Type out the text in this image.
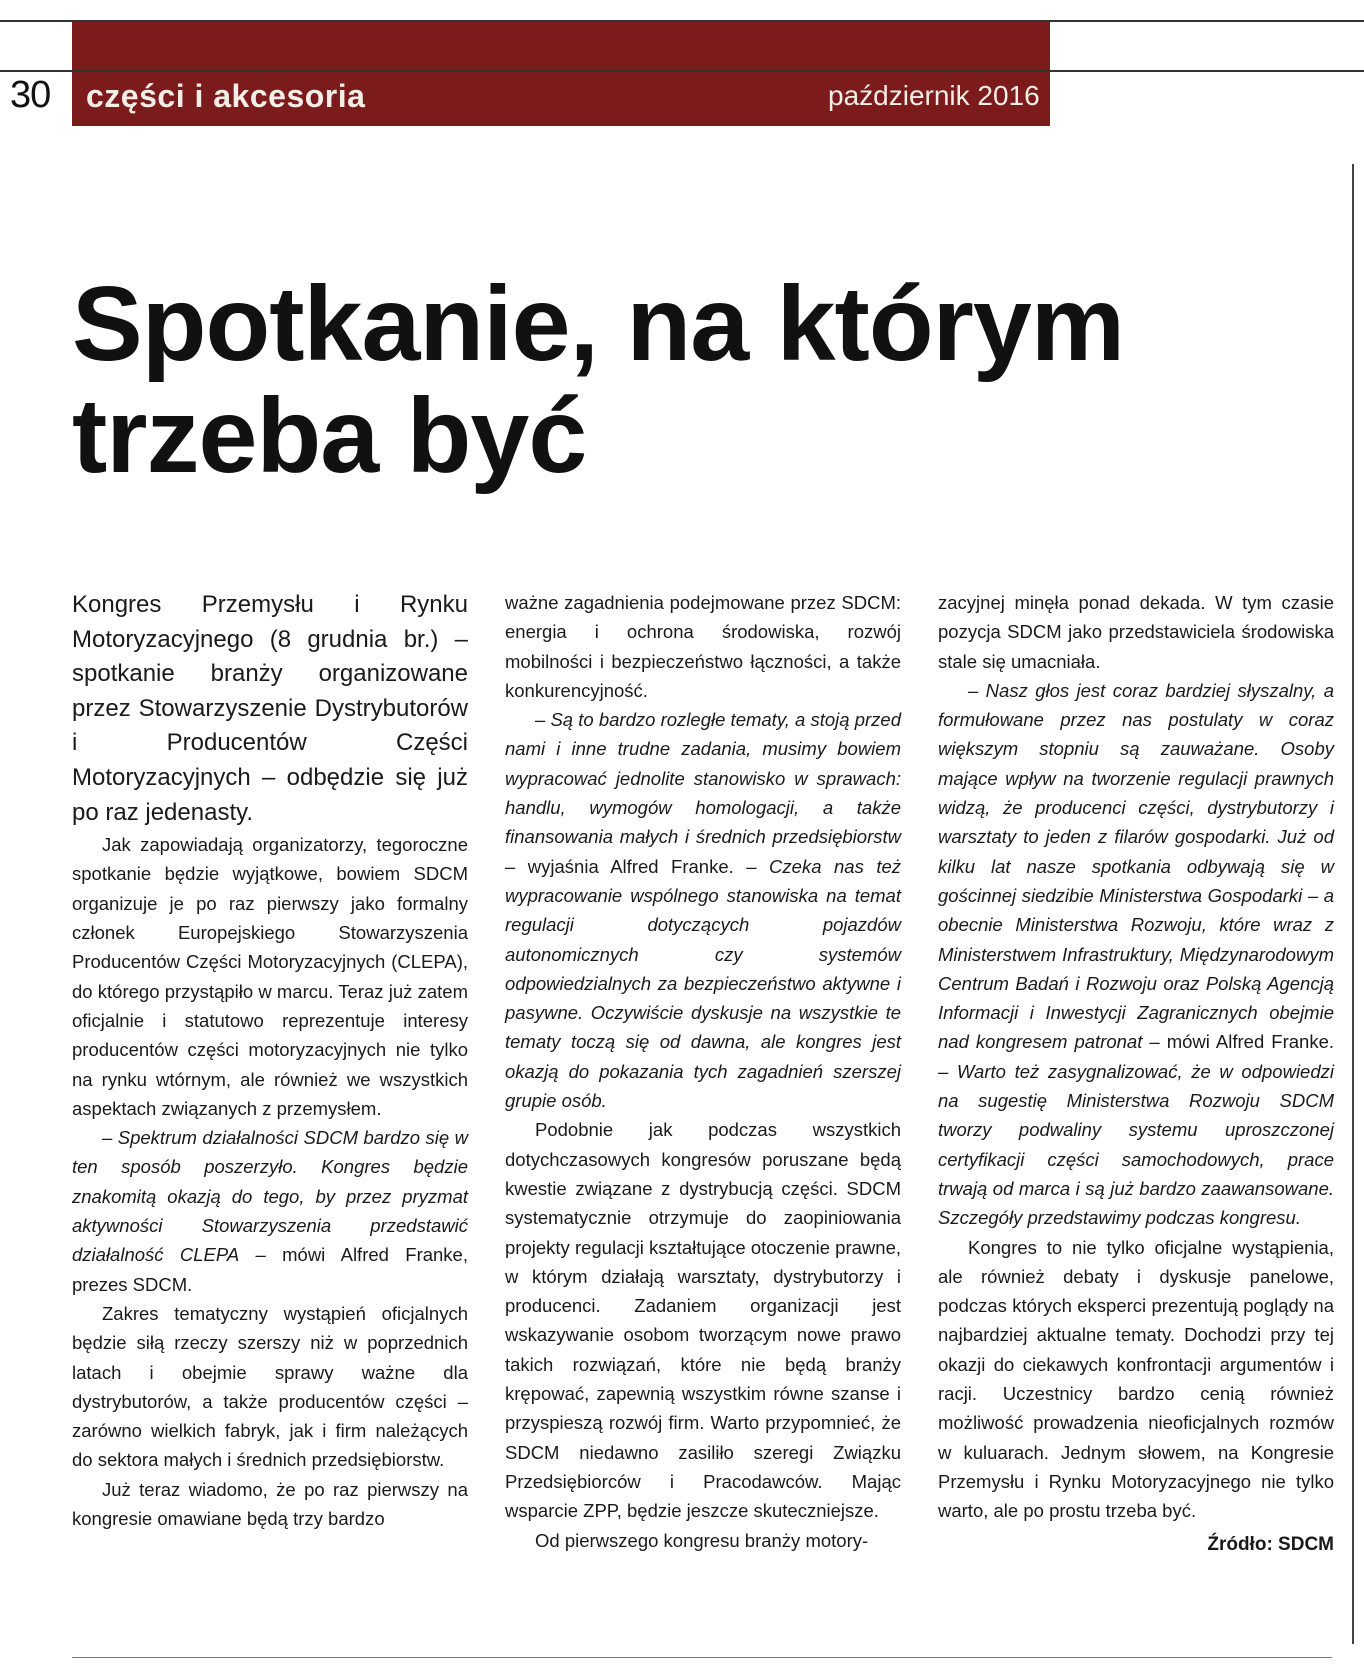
30 części i akcesoria	październik 2016
Spotkanie, na którym
trzeba być

Kongres Przemysłu i Rynku Motoryzacyjnego (8 grudnia br.) – spotkanie branży organizowane przez Stowarzyszenie Dystrybutorów i Producentów Części Motoryzacyjnych – odbędzie się już po raz jedenasty.

Jak zapowiadają organizatorzy, tegoroczne spotkanie będzie wyjątkowe, bowiem SDCM organizuje je po raz pierwszy jako formalny członek Europejskiego Stowarzyszenia Producentów Części Motoryzacyjnych (CLEPA), do którego przystąpiło w marcu. Teraz już zatem oficjalnie i statutowo reprezentuje interesy producentów części motoryzacyjnych nie tylko na rynku wtórnym, ale również we wszystkich aspektach związanych z przemysłem.

– Spektrum działalności SDCM bardzo się w ten sposób poszerzyło. Kongres będzie znakomitą okazją do tego, by przez pryzmat aktywności Stowarzyszenia przedstawić działalność CLEPA – mówi Alfred Franke, prezes SDCM.

Zakres tematyczny wystąpień oficjalnych będzie siłą rzeczy szerszy niż w poprzednich latach i obejmie sprawy ważne dla dystrybutorów, a także producentów części – zarówno wielkich fabryk, jak i firm należących do sektora małych i średnich przedsiębiorstw.

Już teraz wiadomo, że po raz pierwszy na kongresie omawiane będą trzy bardzo

ważne zagadnienia podejmowane przez SDCM: energia i ochrona środowiska, rozwój mobilności i bezpieczeństwo łączności, a także konkurencyjność.

– Są to bardzo rozległe tematy, a stoją przed nami i inne trudne zadania, musimy bowiem wypracować jednolite stanowisko w sprawach: handlu, wymogów homologacji, a także finansowania małych i średnich przedsiębiorstw – wyjaśnia Alfred Franke. – Czeka nas też wypracowanie wspólnego stanowiska na temat regulacji dotyczących pojazdów autonomicznych czy systemów odpowiedzialnych za bezpieczeństwo aktywne i pasywne. Oczywiście dyskusje na wszystkie te tematy toczą się od dawna, ale kongres jest okazją do pokazania tych zagadnień szerszej grupie osób.

Podobnie jak podczas wszystkich dotychczasowych kongresów poruszane będą kwestie związane z dystrybucją części. SDCM systematycznie otrzymuje do zaopiniowania projekty regulacji kształtujące otoczenie prawne, w którym działają warsztaty, dystrybutorzy i producenci. Zadaniem organizacji jest wskazywanie osobom tworzącym nowe prawo takich rozwiązań, które nie będą branży krępować, zapewnią wszystkim równe szanse i przyspieszą rozwój firm. Warto przypomnieć, że SDCM niedawno zasiliło szeregi Związku Przedsiębiorców i Pracodawców. Mając wsparcie ZPP, będzie jeszcze skuteczniejsze.

Od pierwszego kongresu branży motory-

zacyjnej minęła ponad dekada. W tym czasie pozycja SDCM jako przedstawiciela środowiska stale się umacniała.

– Nasz głos jest coraz bardziej słyszalny, a formułowane przez nas postulaty w coraz większym stopniu są zauważane. Osoby mające wpływ na tworzenie regulacji prawnych widzą, że producenci części, dystrybutorzy i warsztaty to jeden z filarów gospodarki. Już od kilku lat nasze spotkania odbywają się w gościnnej siedzibie Ministerstwa Gospodarki – a obecnie Ministerstwa Rozwoju, które wraz z Ministerstwem Infrastruktury, Międzynarodowym Centrum Badań i Rozwoju oraz Polską Agencją Informacji i Inwestycji Zagranicznych obejmie nad kongresem patronat – mówi Alfred Franke. – Warto też zasygnalizować, że w odpowiedzi na sugestię Ministerstwa Rozwoju SDCM tworzy podwaliny systemu uproszczonej certyfikacji części samochodowych, prace trwają od marca i są już bardzo zaawansowane. Szczegóły przedstawimy podczas kongresu.

Kongres to nie tylko oficjalne wystąpienia, ale również debaty i dyskusje panelowe, podczas których eksperci prezentują poglądy na najbardziej aktualne tematy. Dochodzi przy tej okazji do ciekawych konfrontacji argumentów i racji. Uczestnicy bardzo cenią również możliwość prowadzenia nieoficjalnych rozmów w kuluarach. Jednym słowem, na Kongresie Przemysłu i Rynku Motoryzacyjnego nie tylko warto, ale po prostu trzeba być.

Źródło: SDCM
